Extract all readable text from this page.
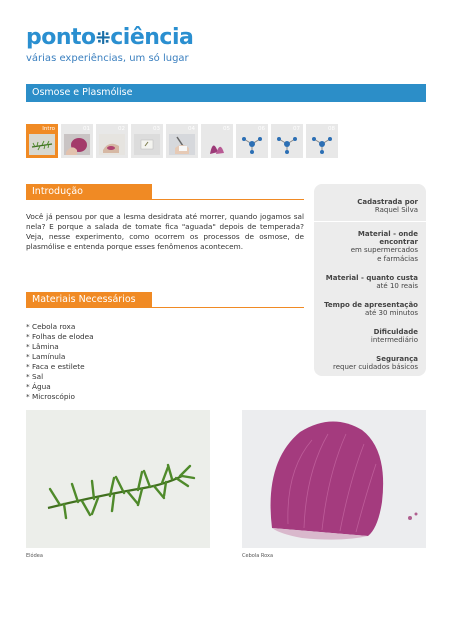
ponto⁜ciência
várias experiências, um só lugar
Osmose e Plasmólise
Intro	01	02	03	04	05	06	07	08
Introdução

Você já pensou por que a lesma desidrata até morrer, quando jogamos sal nela? E porque a salada de tomate fica "aguada" depois de temperada? Veja, nesse experimento, como ocorrem os processos de osmose, de plasmólise e entenda porque esses fenômenos acontecem.

Materiais Necessários
* Cebola roxa
* Folhas de elodea
* Lâmina
* Lamínula
* Faca e estilete
* Sal
* Água
* Microscópio
Cadastrada por
Raquel Silva
Material - onde encontrar
em supermercados
e farmácias
Material - quanto custa
até 10 reais
Tempo de apresentação
até 30 minutos
Dificuldade
intermediário
Segurança
requer cuidados básicos
Elódea	Cebola Roxa
